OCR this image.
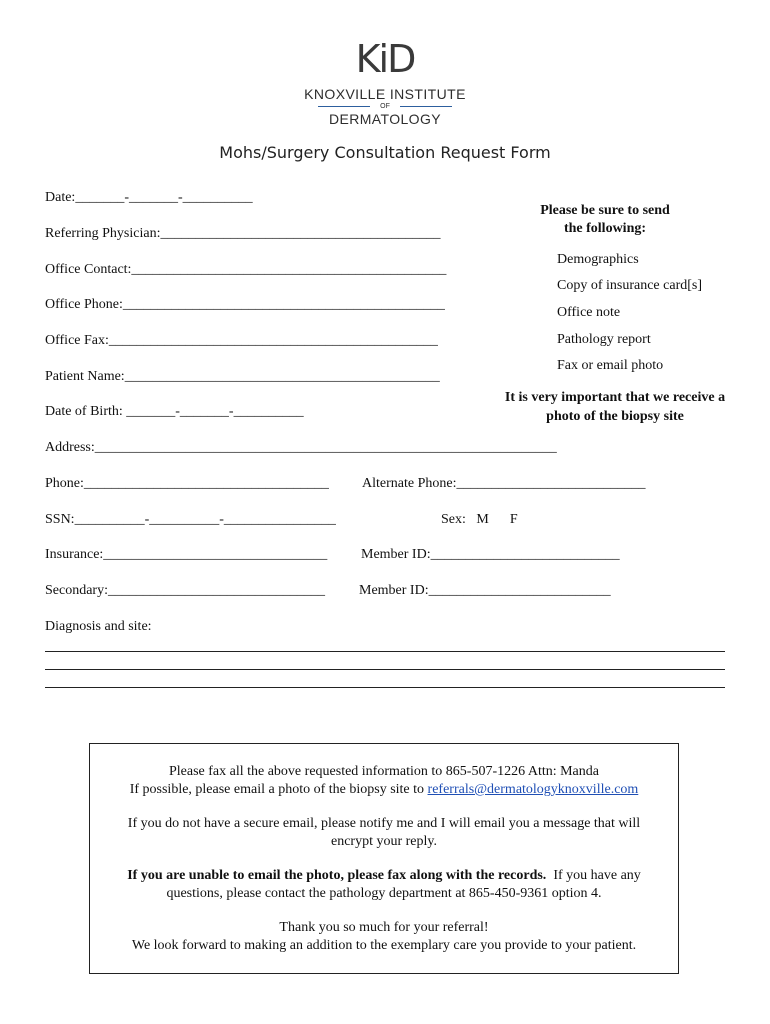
KiD
KNOXVILLE INSTITUTE
OF
DERMATOLOGY
Mohs/Surgery Consultation Request Form
Date:_______-_______-__________
Referring Physician:________________________________________
Office Contact:_____________________________________________
Office Phone:______________________________________________
Office Fax:_______________________________________________
Patient Name:_____________________________________________
Date of Birth: _______-_______-__________
Address:__________________________________________________________________
Phone:___________________________________ Alternate Phone:___________________________
SSN:__________-__________-________________	Sex:   M      F
Insurance:________________________________ Member ID:___________________________
Secondary:_______________________________ Member ID:__________________________
Diagnosis and site:
Please be sure to send
the following:
Demographics
Copy of insurance card[s]
Office note
Pathology report
Fax or email photo
It is very important that we receive a
photo of the biopsy site

Please fax all the above requested information to 865-507-1226 Attn: Manda

If possible, please email a photo of the biopsy site to referrals@dermatologyknoxville.com

If you do not have a secure email, please notify me and I will email you a message that will

encrypt your reply.

If you are unable to email the photo, please fax along with the records.  If you have any

questions, please contact the pathology department at 865-450-9361 option 4.

Thank you so much for your referral!

We look forward to making an addition to the exemplary care you provide to your patient.
